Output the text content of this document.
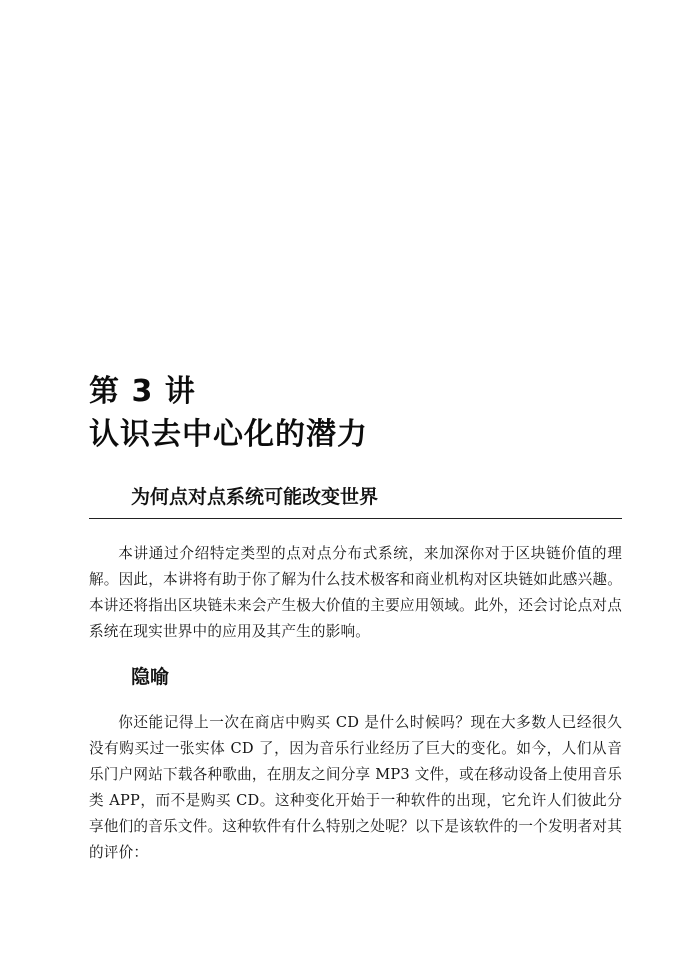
第 3 讲
认识去中心化的潜力
为何点对点系统可能改变世界

本讲通过介绍特定类型的点对点分布式系统，来加深你对于区块链价值的理解。因此，本讲将有助于你了解为什么技术极客和商业机构对区块链如此感兴趣。本讲还将指出区块链未来会产生极大价值的主要应用领域。此外，还会讨论点对点系统在现实世界中的应用及其产生的影响。

隐喻

你还能记得上一次在商店中购买 CD 是什么时候吗？现在大多数人已经很久没有购买过一张实体 CD 了，因为音乐行业经历了巨大的变化。如今，人们从音乐门户网站下载各种歌曲，在朋友之间分享 MP3 文件，或在移动设备上使用音乐类 APP，而不是购买 CD。这种变化开始于一种软件的出现，它允许人们彼此分享他们的音乐文件。这种软件有什么特别之处呢？以下是该软件的一个发明者对其的评价：
